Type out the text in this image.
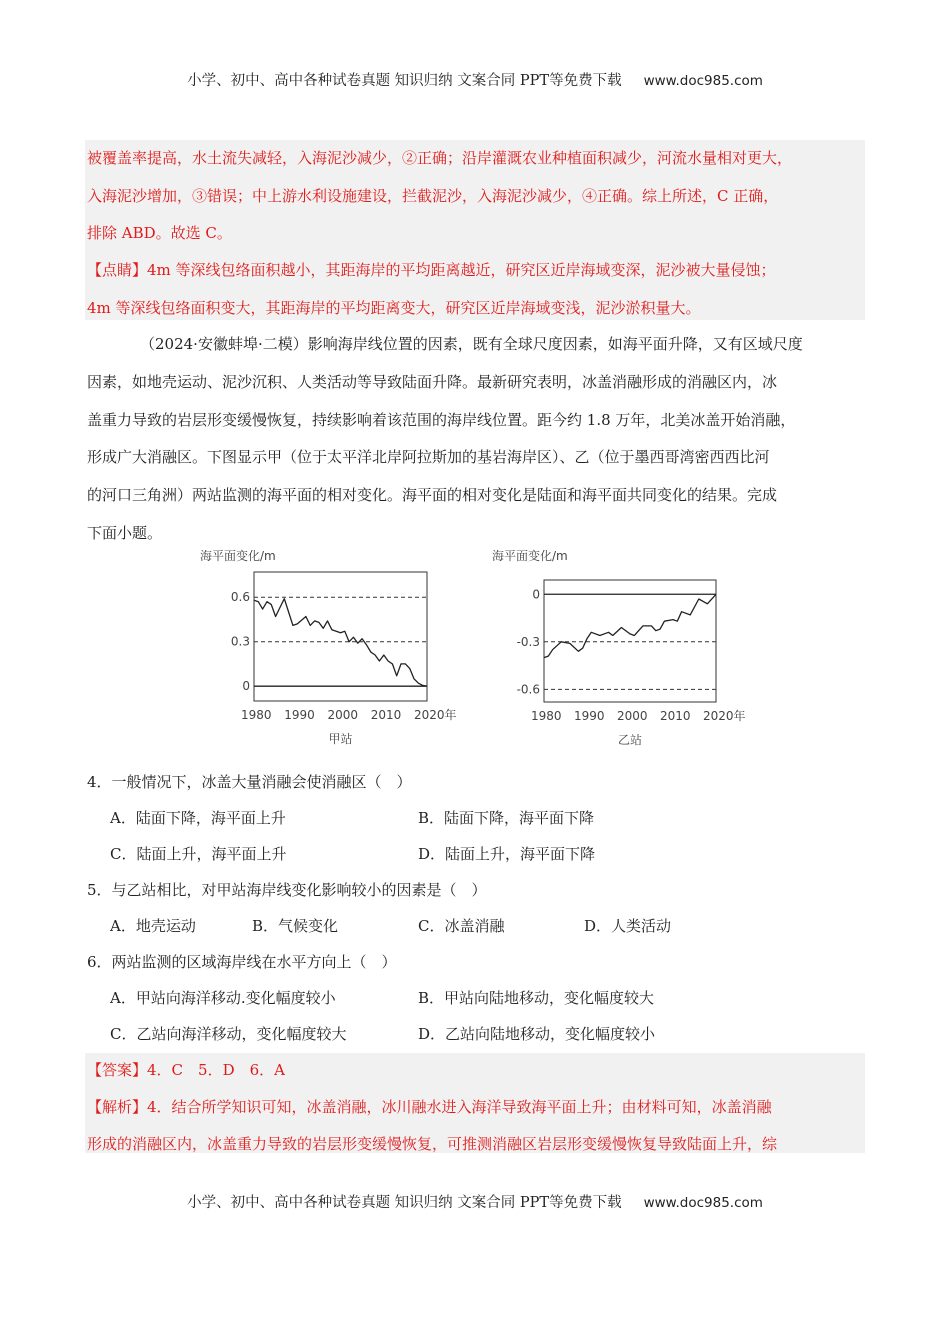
小学、初中、高中各种试卷真题 知识归纳 文案合同 PPT等免费下载 www.doc985.com
被覆盖率提高，水土流失减轻，入海泥沙减少，②正确；沿岸灌溉农业种植面积减少，河流水量相对更大，
入海泥沙增加，③错误；中上游水利设施建设，拦截泥沙，入海泥沙减少，④正确。综上所述，C 正确，
排除 ABD。故选 C。
【点睛】4m 等深线包络面积越小，其距海岸的平均距离越近，研究区近岸海域变深，泥沙被大量侵蚀；
4m 等深线包络面积变大，其距海岸的平均距离变大，研究区近岸海域变浅，泥沙淤积量大。
（2024·安徽蚌埠·二模）影响海岸线位置的因素，既有全球尺度因素，如海平面升降，又有区域尺度
因素，如地壳运动、泥沙沉积、人类活动等导致陆面升降。最新研究表明，冰盖消融形成的消融区内，冰
盖重力导致的岩层形变缓慢恢复，持续影响着该范围的海岸线位置。距今约 1.8 万年，北美冰盖开始消融，
形成广大消融区。下图显示甲（位于太平洋北岸阿拉斯加的基岩海岸区）、乙（位于墨西哥湾密西西比河
的河口三角洲）两站监测的海平面的相对变化。海平面的相对变化是陆面和海平面共同变化的结果。完成
下面小题。
0.6
0.3
0
1980 1990 2000 2010 2020年
海平面变化/m
甲站
0
-0.3
-0.6
1980 1990 2000 2010 2020年
海平面变化/m
乙站
4．一般情况下，冰盖大量消融会使消融区（　）
A．陆面下降，海平面上升	B．陆面下降，海平面下降
C．陆面上升，海平面上升	D．陆面上升，海平面下降
5．与乙站相比，对甲站海岸线变化影响较小的因素是（　）
A．地壳运动	B．气候变化	C．冰盖消融	D．人类活动
6．两站监测的区域海岸线在水平方向上（　）
A．甲站向海洋移动.变化幅度较小	B．甲站向陆地移动，变化幅度较大
C．乙站向海洋移动，变化幅度较大	D．乙站向陆地移动，变化幅度较小
【答案】4．C　5．D　6．A
【解析】4．结合所学知识可知，冰盖消融，冰川融水进入海洋导致海平面上升；由材料可知，冰盖消融
形成的消融区内，冰盖重力导致的岩层形变缓慢恢复，可推测消融区岩层形变缓慢恢复导致陆面上升，综
小学、初中、高中各种试卷真题 知识归纳 文案合同 PPT等免费下载 www.doc985.com
